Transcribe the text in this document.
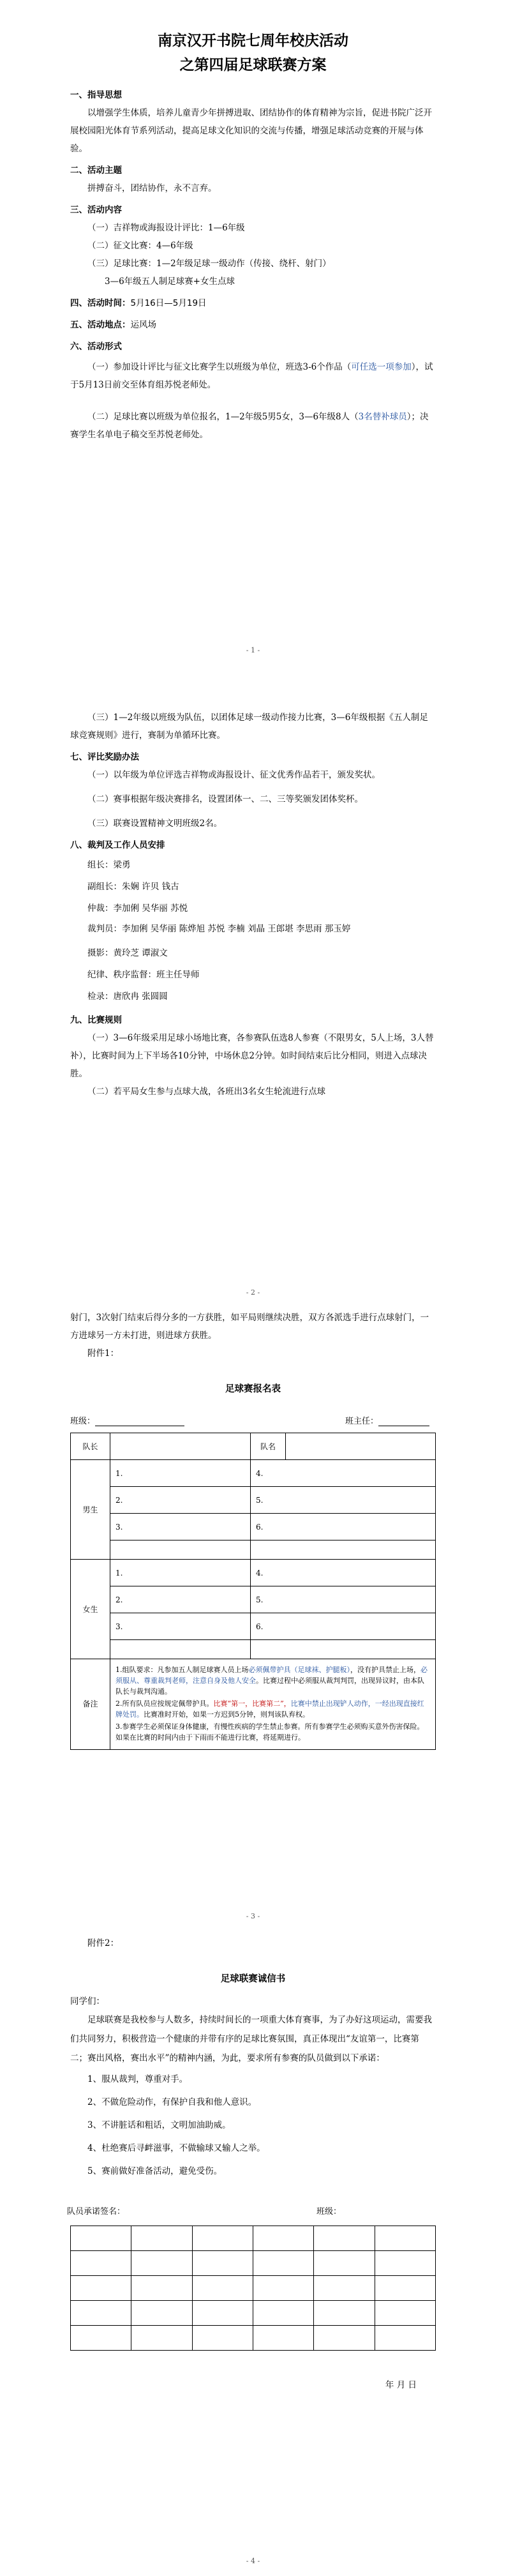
南京汉开书院七周年校庆活动

之第四届足球联赛方案

一、指导思想

以增强学生体质，培养儿童青少年拼搏进取、团结协作的体育精神为宗旨，促进书院广泛开展校园阳光体育节系列活动，提高足球文化知识的交流与传播，增强足球活动竞赛的开展与体验。

二、活动主题

拼搏奋斗，团结协作，永不言弃。

三、活动内容

（一）吉祥物或海报设计评比：1—6年级

（二）征文比赛：4—6年级

（三）足球比赛：1—2年级足球一级动作（传接、绕杆、射门）

3—6年级五人制足球赛+女生点球

四、活动时间：5月16日—5月19日

五、活动地点：运风场

六、活动形式

（一）参加设计评比与征文比赛学生以班级为单位，班选3-6个作品（可任选一项参加），试于5月13日前交至体育组苏悦老师处。

（二）足球比赛以班级为单位报名，1—2年级5男5女，3—6年级8人（3名替补球员）；决赛学生名单电子稿交至苏悦老师处。

- 1 -

（三）1—2年级以班级为队伍，以团体足球一级动作接力比赛，3—6年级根据《五人制足球竞赛规则》进行，赛制为单循环比赛。

七、评比奖励办法

（一）以年级为单位评选吉祥物或海报设计、征文优秀作品若干，颁发奖状。

（二）赛事根据年级决赛排名，设置团体一、二、三等奖颁发团体奖杯。

（三）联赛设置精神文明班级2名。

八、裁判及工作人员安排

组长：梁勇

副组长：朱娴 许贝 钱古

仲裁：李加俐 吴华丽 苏悦

裁判员：李加俐 吴华丽 陈烨旭 苏悦 李楠 刘晶 王郎堪 李思雨 那玉婷

摄影：黄玲芝 谭淑文

纪律、秩序监督：班主任导师

检录：唐欣冉 张圆圆

九、比赛规则

（一）3—6年级采用足球小场地比赛，各参赛队伍选8人参赛（不限男女，5人上场，3人替补），比赛时间为上下半场各10分钟，中场休息2分钟。如时间结束后比分相同，则进入点球决胜。

（二）若平局女生参与点球大战，各班出3名女生轮流进行点球

- 2 -

射门，3次射门结束后得分多的一方获胜，如平局则继续决胜，双方各派选手进行点球射门，一方进球另一方未打进，则进球方获胜。

附件1：

足球赛报名表

班级：	班主任：
队长		队名	
男生	1.	4.	
	2.	5.	
	3.	6.	

女生	1.	4.	
	2.	5.	
	3.	6.	

备注	1.组队要求：凡参加五人制足球赛人员上场必须佩带护具（足球袜、护腿板），没有护具禁止上场，必须服从、尊重裁判老师，注意自身及他人安全。比赛过程中必须服从裁判判罚，出现异议时，由本队队长与裁判沟通。
2.所有队员应按规定佩带护具。比赛“第一，比赛第二”，比赛中禁止出现铲人动作，一经出现直接红牌处罚。比赛准时开始，如果一方迟到5分钟，则判该队弃权。
3.参赛学生必须保证身体健康，有慢性疾病的学生禁止参赛。所有参赛学生必须购买意外伤害保险。如果在比赛的时间内由于下雨而不能进行比赛，将延期进行。		
- 3 -

附件2：

足球联赛诚信书

同学们：

足球联赛是我校参与人数多，持续时间长的一项重大体育赛事，为了办好这项运动，需要我们共同努力，积极营造一个健康的并带有序的足球比赛氛围，真正体现出“友谊第一，比赛第二；赛出风格，赛出水平”的精神内涵，为此，要求所有参赛的队员做到以下承诺：

1、服从裁判，尊重对手。

2、不做危险动作，有保护自我和他人意识。

3、不讲脏话和粗话，文明加油助威。

4、杜绝赛后寻衅滋事，不做输球又输人之举。

5、赛前做好准备活动，避免受伤。

队员承诺签名：	班级：

年 月 日

- 4 -
